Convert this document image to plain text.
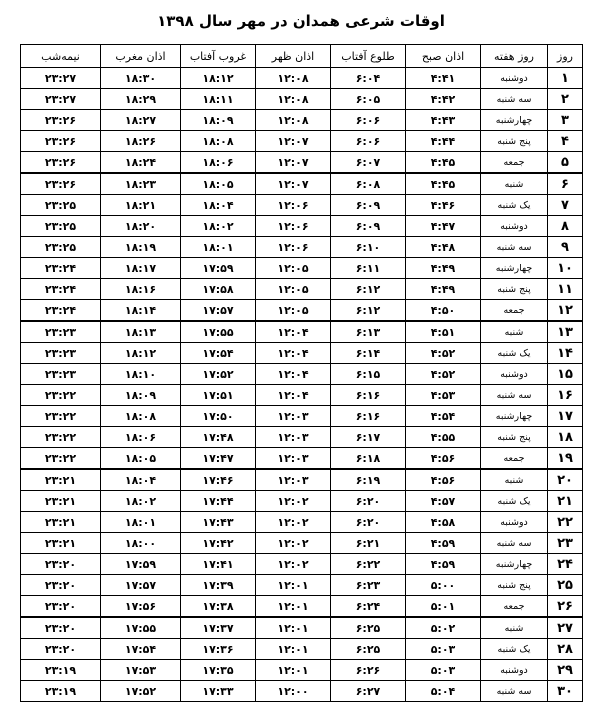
اوقات شرعی همدان در مهر سال ۱۳۹۸
روز	روز هفته	اذان صبح	طلوع آفتاب	اذان ظهر	غروب آفتاب	اذان مغرب	نیمه‌شب
۱	دوشنبه	۴:۴۱	۶:۰۴	۱۲:۰۸	۱۸:۱۲	۱۸:۳۰	۲۳:۲۷
۲	سه شنبه	۴:۴۲	۶:۰۵	۱۲:۰۸	۱۸:۱۱	۱۸:۲۹	۲۳:۲۷
۳	چهارشنبه	۴:۴۳	۶:۰۶	۱۲:۰۸	۱۸:۰۹	۱۸:۲۷	۲۳:۲۶
۴	پنج شنبه	۴:۴۴	۶:۰۶	۱۲:۰۷	۱۸:۰۸	۱۸:۲۶	۲۳:۲۶
۵	جمعه	۴:۴۵	۶:۰۷	۱۲:۰۷	۱۸:۰۶	۱۸:۲۴	۲۳:۲۶
۶	شنبه	۴:۴۵	۶:۰۸	۱۲:۰۷	۱۸:۰۵	۱۸:۲۳	۲۳:۲۶
۷	یک شنبه	۴:۴۶	۶:۰۹	۱۲:۰۶	۱۸:۰۴	۱۸:۲۱	۲۳:۲۵
۸	دوشنبه	۴:۴۷	۶:۰۹	۱۲:۰۶	۱۸:۰۲	۱۸:۲۰	۲۳:۲۵
۹	سه شنبه	۴:۴۸	۶:۱۰	۱۲:۰۶	۱۸:۰۱	۱۸:۱۹	۲۳:۲۵
۱۰	چهارشنبه	۴:۴۹	۶:۱۱	۱۲:۰۵	۱۷:۵۹	۱۸:۱۷	۲۳:۲۴
۱۱	پنج شنبه	۴:۴۹	۶:۱۲	۱۲:۰۵	۱۷:۵۸	۱۸:۱۶	۲۳:۲۴
۱۲	جمعه	۴:۵۰	۶:۱۲	۱۲:۰۵	۱۷:۵۷	۱۸:۱۴	۲۳:۲۴
۱۳	شنبه	۴:۵۱	۶:۱۳	۱۲:۰۴	۱۷:۵۵	۱۸:۱۳	۲۳:۲۳
۱۴	یک شنبه	۴:۵۲	۶:۱۴	۱۲:۰۴	۱۷:۵۴	۱۸:۱۲	۲۳:۲۳
۱۵	دوشنبه	۴:۵۲	۶:۱۵	۱۲:۰۴	۱۷:۵۲	۱۸:۱۰	۲۳:۲۳
۱۶	سه شنبه	۴:۵۳	۶:۱۶	۱۲:۰۴	۱۷:۵۱	۱۸:۰۹	۲۳:۲۲
۱۷	چهارشنبه	۴:۵۴	۶:۱۶	۱۲:۰۳	۱۷:۵۰	۱۸:۰۸	۲۳:۲۲
۱۸	پنج شنبه	۴:۵۵	۶:۱۷	۱۲:۰۳	۱۷:۴۸	۱۸:۰۶	۲۳:۲۲
۱۹	جمعه	۴:۵۶	۶:۱۸	۱۲:۰۳	۱۷:۴۷	۱۸:۰۵	۲۳:۲۲
۲۰	شنبه	۴:۵۶	۶:۱۹	۱۲:۰۳	۱۷:۴۶	۱۸:۰۴	۲۳:۲۱
۲۱	یک شنبه	۴:۵۷	۶:۲۰	۱۲:۰۲	۱۷:۴۴	۱۸:۰۲	۲۳:۲۱
۲۲	دوشنبه	۴:۵۸	۶:۲۰	۱۲:۰۲	۱۷:۴۳	۱۸:۰۱	۲۳:۲۱
۲۳	سه شنبه	۴:۵۹	۶:۲۱	۱۲:۰۲	۱۷:۴۲	۱۸:۰۰	۲۳:۲۱
۲۴	چهارشنبه	۴:۵۹	۶:۲۲	۱۲:۰۲	۱۷:۴۱	۱۷:۵۹	۲۳:۲۰
۲۵	پنج شنبه	۵:۰۰	۶:۲۳	۱۲:۰۱	۱۷:۳۹	۱۷:۵۷	۲۳:۲۰
۲۶	جمعه	۵:۰۱	۶:۲۴	۱۲:۰۱	۱۷:۳۸	۱۷:۵۶	۲۳:۲۰
۲۷	شنبه	۵:۰۲	۶:۲۵	۱۲:۰۱	۱۷:۳۷	۱۷:۵۵	۲۳:۲۰
۲۸	یک شنبه	۵:۰۳	۶:۲۵	۱۲:۰۱	۱۷:۳۶	۱۷:۵۴	۲۳:۲۰
۲۹	دوشنبه	۵:۰۳	۶:۲۶	۱۲:۰۱	۱۷:۳۵	۱۷:۵۳	۲۳:۱۹
۳۰	سه شنبه	۵:۰۴	۶:۲۷	۱۲:۰۰	۱۷:۳۳	۱۷:۵۲	۲۳:۱۹
